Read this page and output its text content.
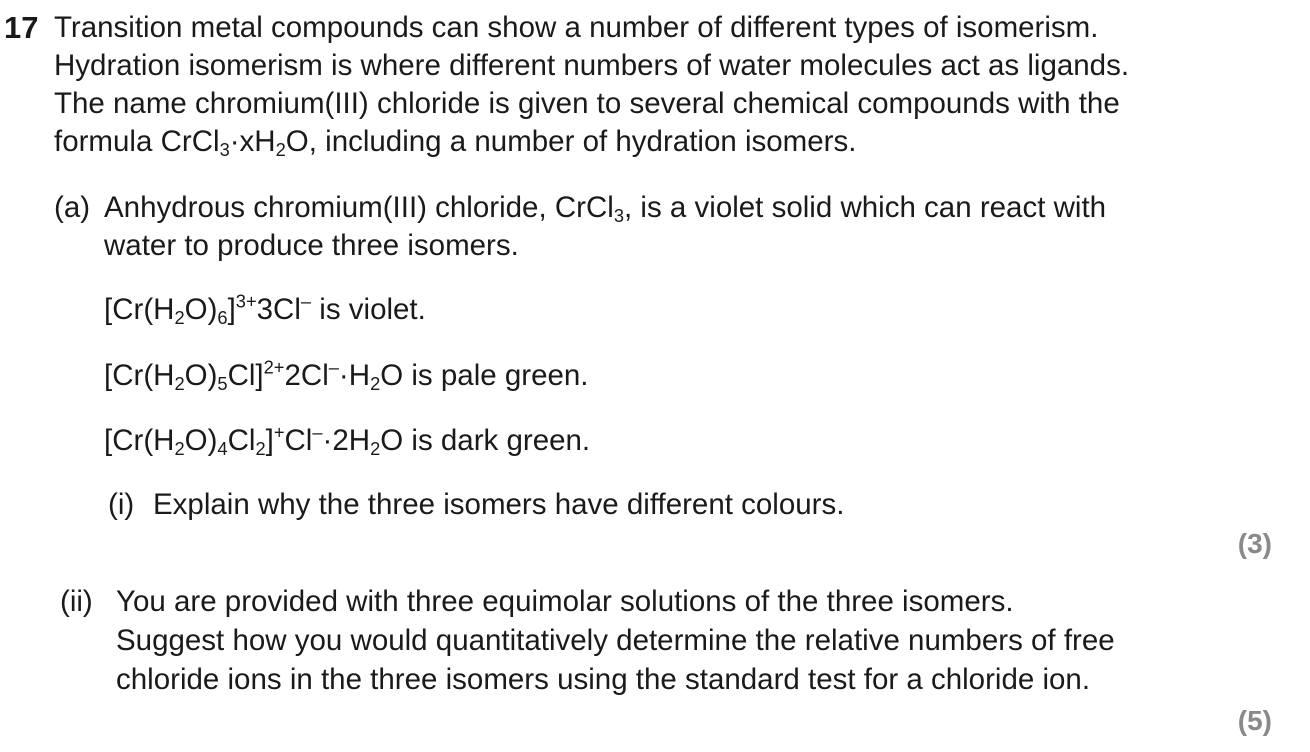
17 Transition metal compounds can show a number of different types of isomerism.
Hydration isomerism is where different numbers of water molecules act as ligands.
The name chromium(III) chloride is given to several chemical compounds with the
formula $CrCl_3\cdot xH_2O$, including a number of hydration isomers.
(a) Anhydrous chromium(III) chloride, CrCl$_3$, is a violet solid which can react with
water to produce three isomers.
$[Cr(H_2O)_6]^{3+}3Cl^-$ is violet.
$[Cr(H_2O)_5Cl]^{2+}2Cl^-\cdot H_2O$ is pale green.
$[Cr(H_2O)_4Cl_2]^+Cl^-\cdot 2H_2O$ is dark green.
(i) Explain why the three isomers have different colours.
(3)
(ii) You are provided with three equimolar solutions of the three isomers.
Suggest how you would quantitatively determine the relative numbers of free
chloride ions in the three isomers using the standard test for a chloride ion.
(5)
